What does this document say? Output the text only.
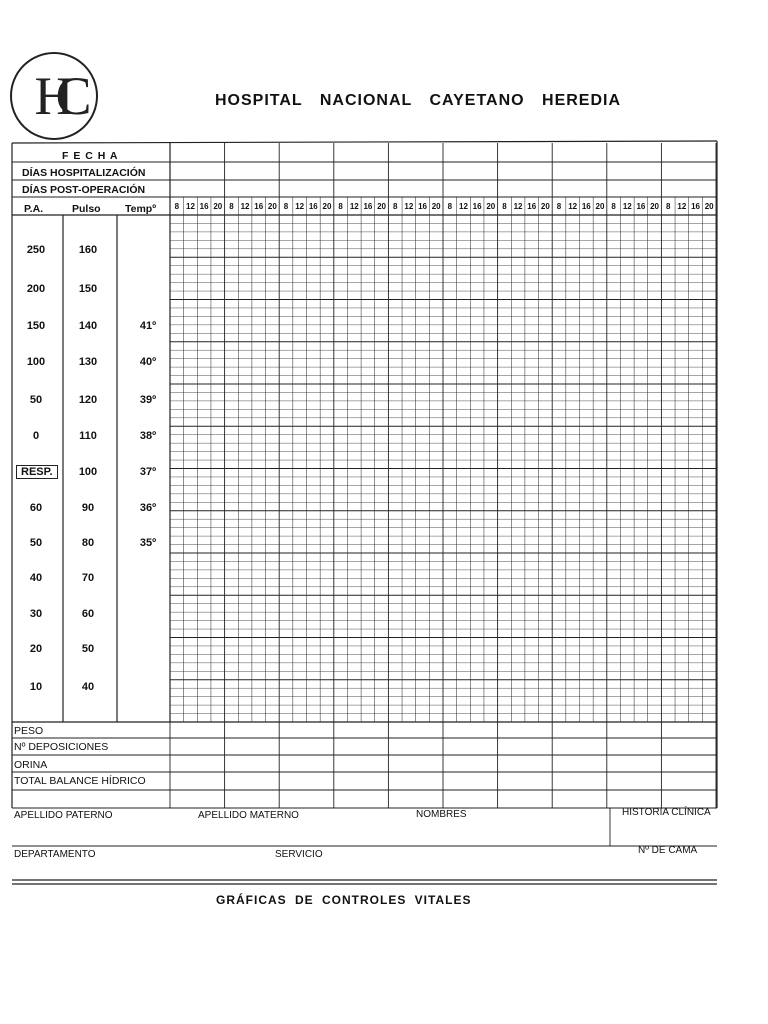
HC	HOSPITAL NACIONAL CAYETANO HEREDIA
F E C H A
DÍAS HOSPITALIZACIÓN
DÍAS POST-OPERACIÓN
P.A.	Pulso Tempº	8 12 16 20 8 12 16 20 8 12 16 20 8 12 16 20 8 12 16 20 8 12 16 20 8 12 16 20 8 12 16 20 8 12 16 20 8 12 16 20
250	160
200	150
150	140	41º
100	130	40º
50	120	39º
0	110	38º
RESP.	100	37º
60	90	36º
50	80	35º
40	70
30	60
20	50
10	40
PESO
Nº DEPOSICIONES
ORINA
TOTAL BALANCE HÍDRICO
APELLIDO PATERNO	APELLIDO MATERNO	NOMBRES	HISTORIA CLÍNICA
DEPARTAMENTO	SERVICIO	Nº DE CAMA
GRÁFICAS DE CONTROLES VITALES
